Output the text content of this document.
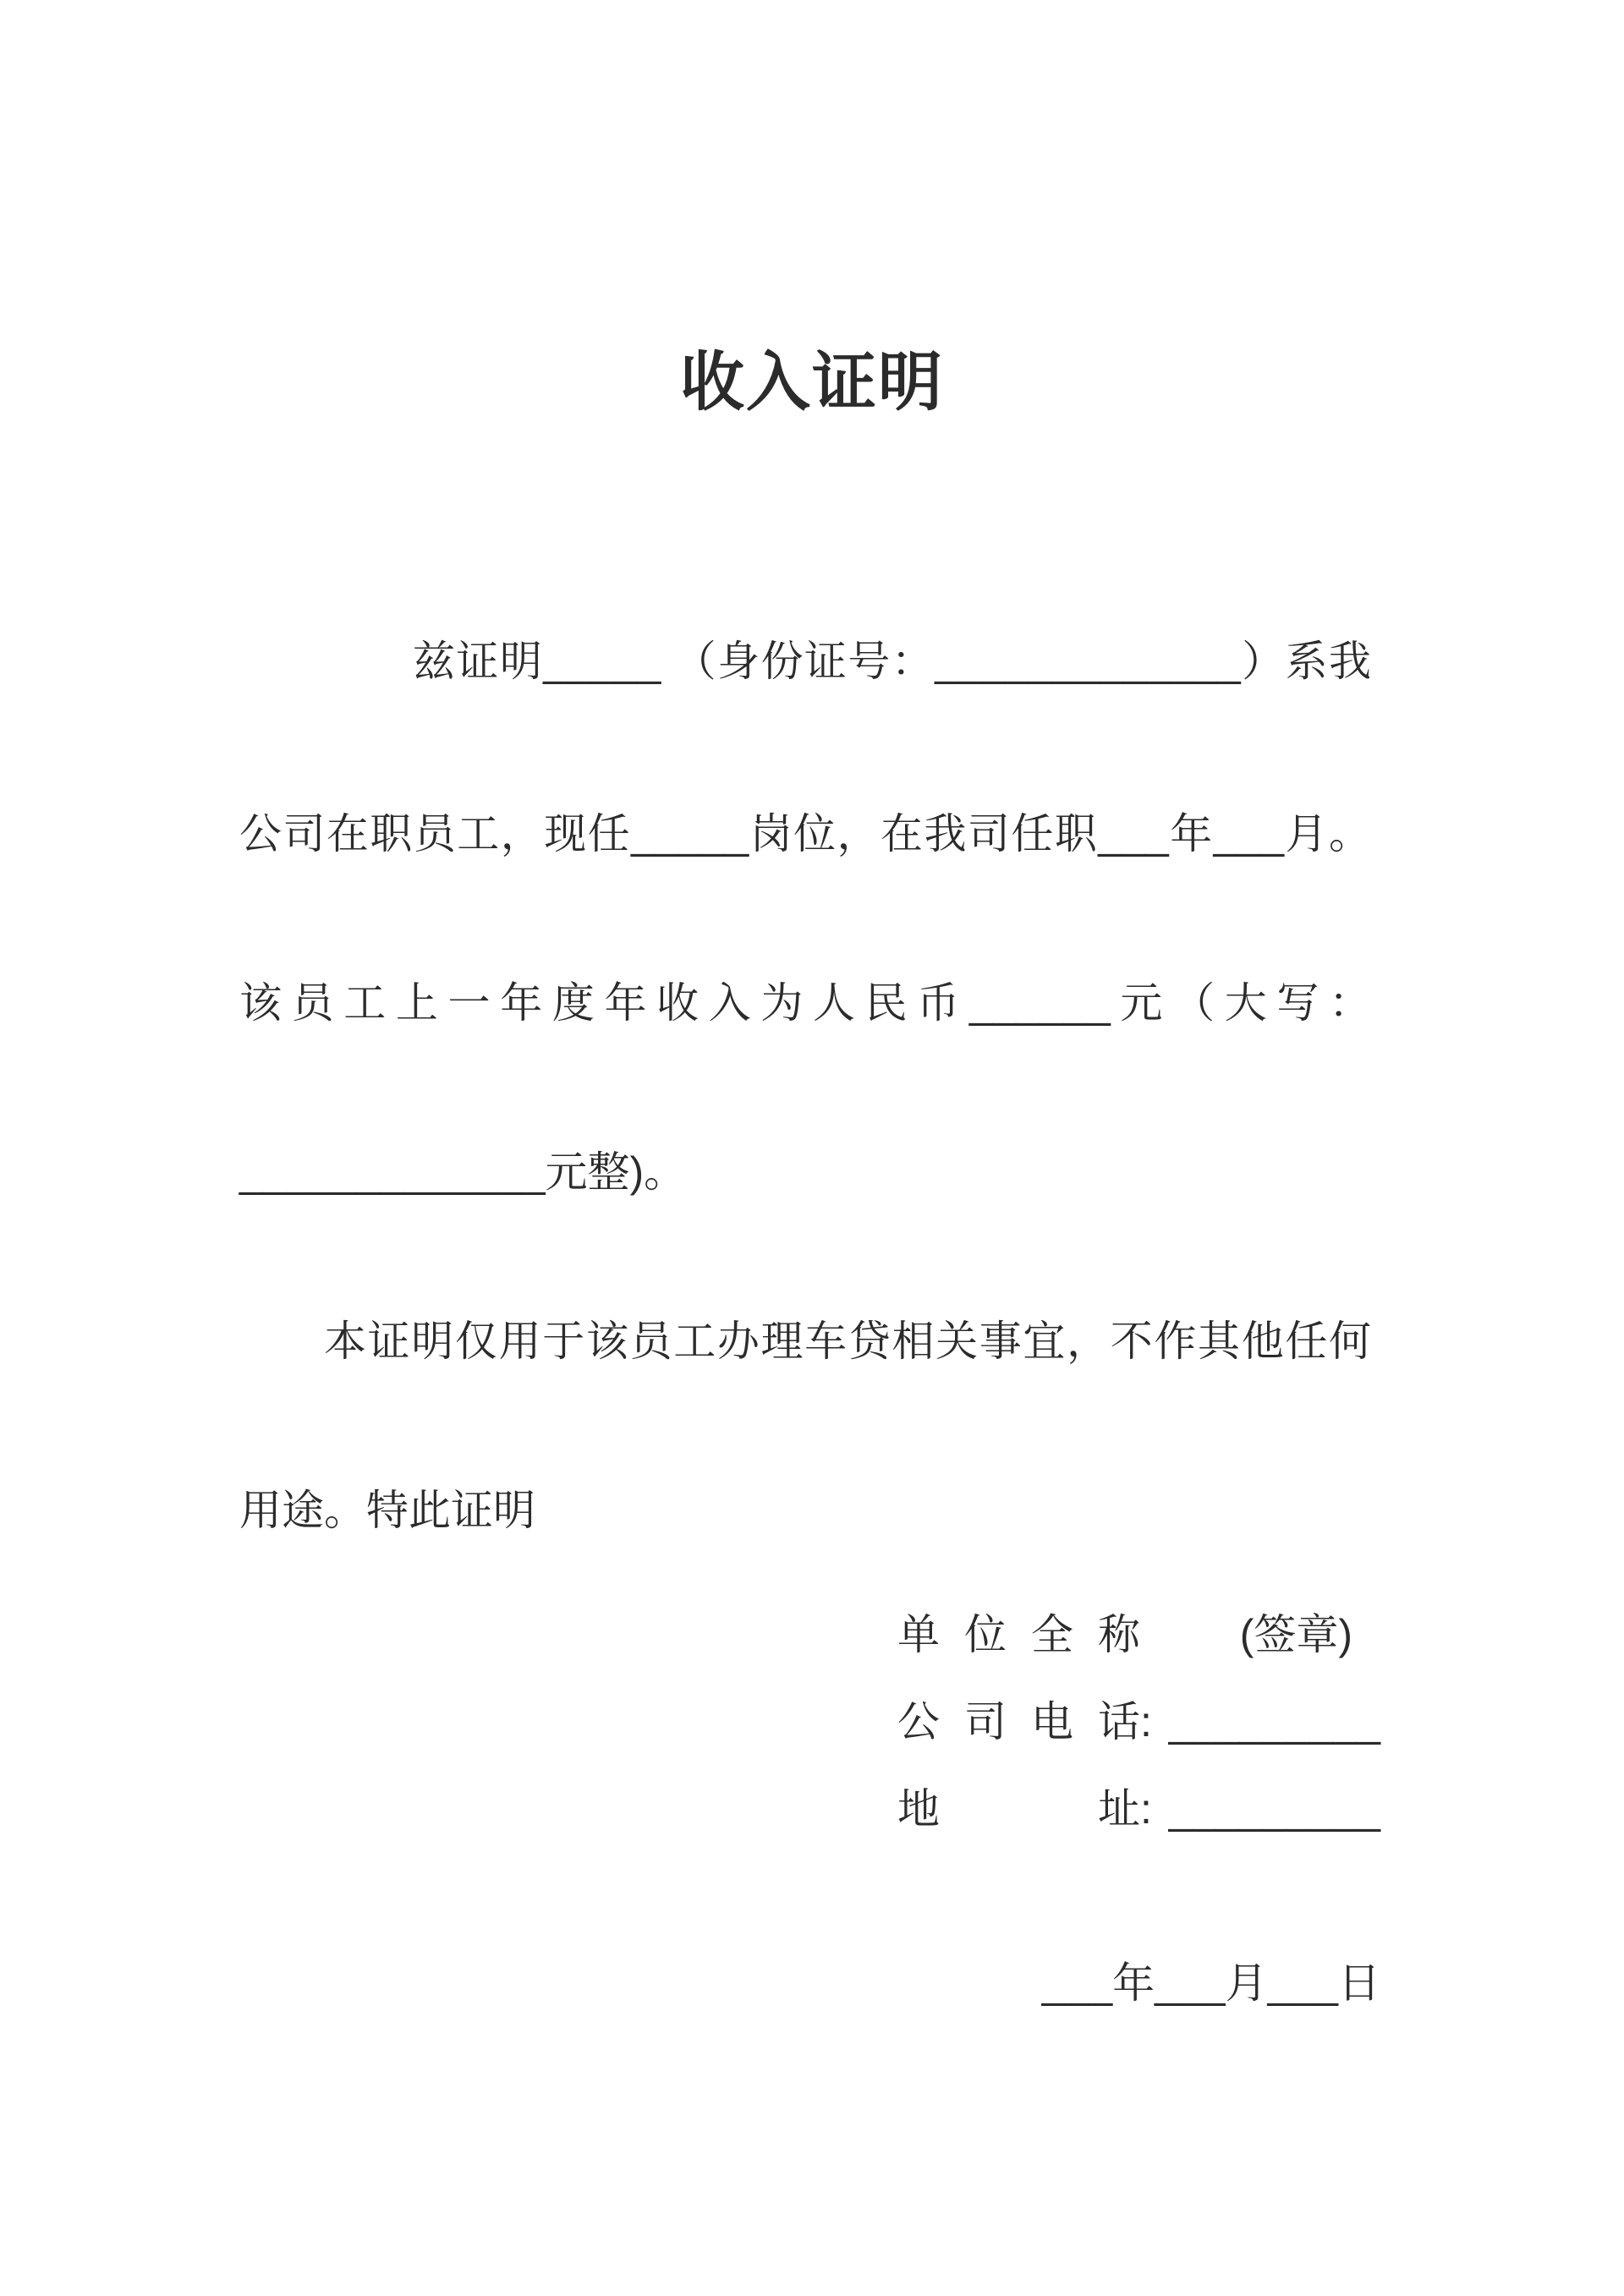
收入证明
兹证明_____ （身份证号：_____________）系我
公司在职员工，现任_____岗位，在我司任职___年___月。
该员工上一年度年收入为人民币______元（大写：
_____________元整)。
本证明仅用于该员工办理车贷相关事宜，不作其他任何
用途。特此证明
单 位 全 称 (签章)
公 司 电 话 : _________
地	址 : _________
___年___月___日
